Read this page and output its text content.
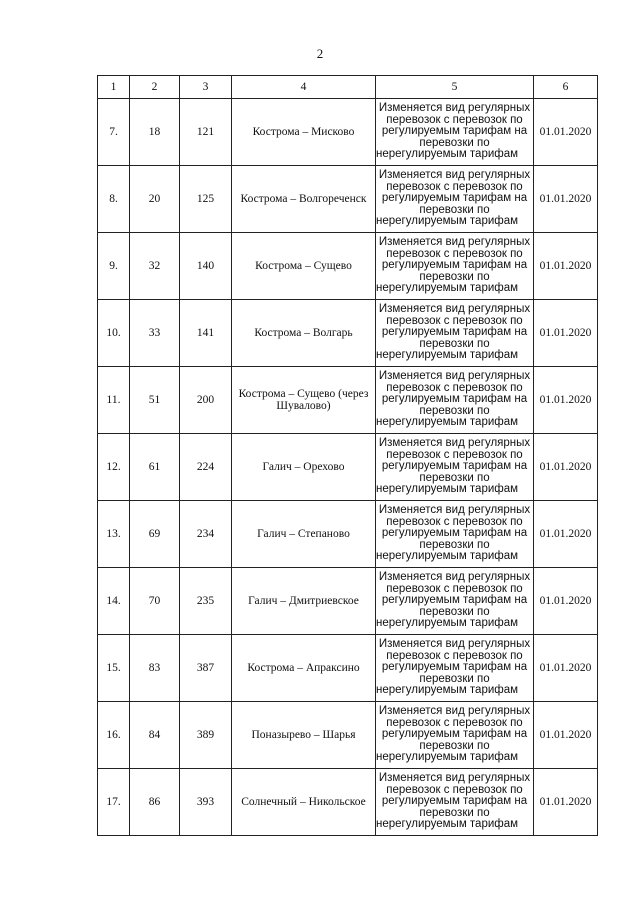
2
1	2	3	4	5	6
7.	18	121	Кострома – Мисково	Изменяется вид регулярных перевозок с перевозок по регулируемым тарифам на перевозки по нерегулируемым тарифам	01.01.2020
8.	20	125	Кострома – Волгореченск	Изменяется вид регулярных перевозок с перевозок по регулируемым тарифам на перевозки по нерегулируемым тарифам	01.01.2020
9.	32	140	Кострома – Сущево	Изменяется вид регулярных перевозок с перевозок по регулируемым тарифам на перевозки по нерегулируемым тарифам	01.01.2020
10.	33	141	Кострома – Волгарь	Изменяется вид регулярных перевозок с перевозок по регулируемым тарифам на перевозки по нерегулируемым тарифам	01.01.2020
11.	51	200	Кострома – Сущево (через Шувалово)	Изменяется вид регулярных перевозок с перевозок по регулируемым тарифам на перевозки по нерегулируемым тарифам	01.01.2020
12.	61	224	Галич – Орехово	Изменяется вид регулярных перевозок с перевозок по регулируемым тарифам на перевозки по нерегулируемым тарифам	01.01.2020
13.	69	234	Галич – Степаново	Изменяется вид регулярных перевозок с перевозок по регулируемым тарифам на перевозки по нерегулируемым тарифам	01.01.2020
14.	70	235	Галич – Дмитриевское	Изменяется вид регулярных перевозок с перевозок по регулируемым тарифам на перевозки по нерегулируемым тарифам	01.01.2020
15.	83	387	Кострома – Апраксино	Изменяется вид регулярных перевозок с перевозок по регулируемым тарифам на перевозки по нерегулируемым тарифам	01.01.2020
16.	84	389	Поназырево – Шарья	Изменяется вид регулярных перевозок с перевозок по регулируемым тарифам на перевозки по нерегулируемым тарифам	01.01.2020
17.	86	393	Солнечный – Никольское	Изменяется вид регулярных перевозок с перевозок по регулируемым тарифам на перевозки по нерегулируемым тарифам	01.01.2020
